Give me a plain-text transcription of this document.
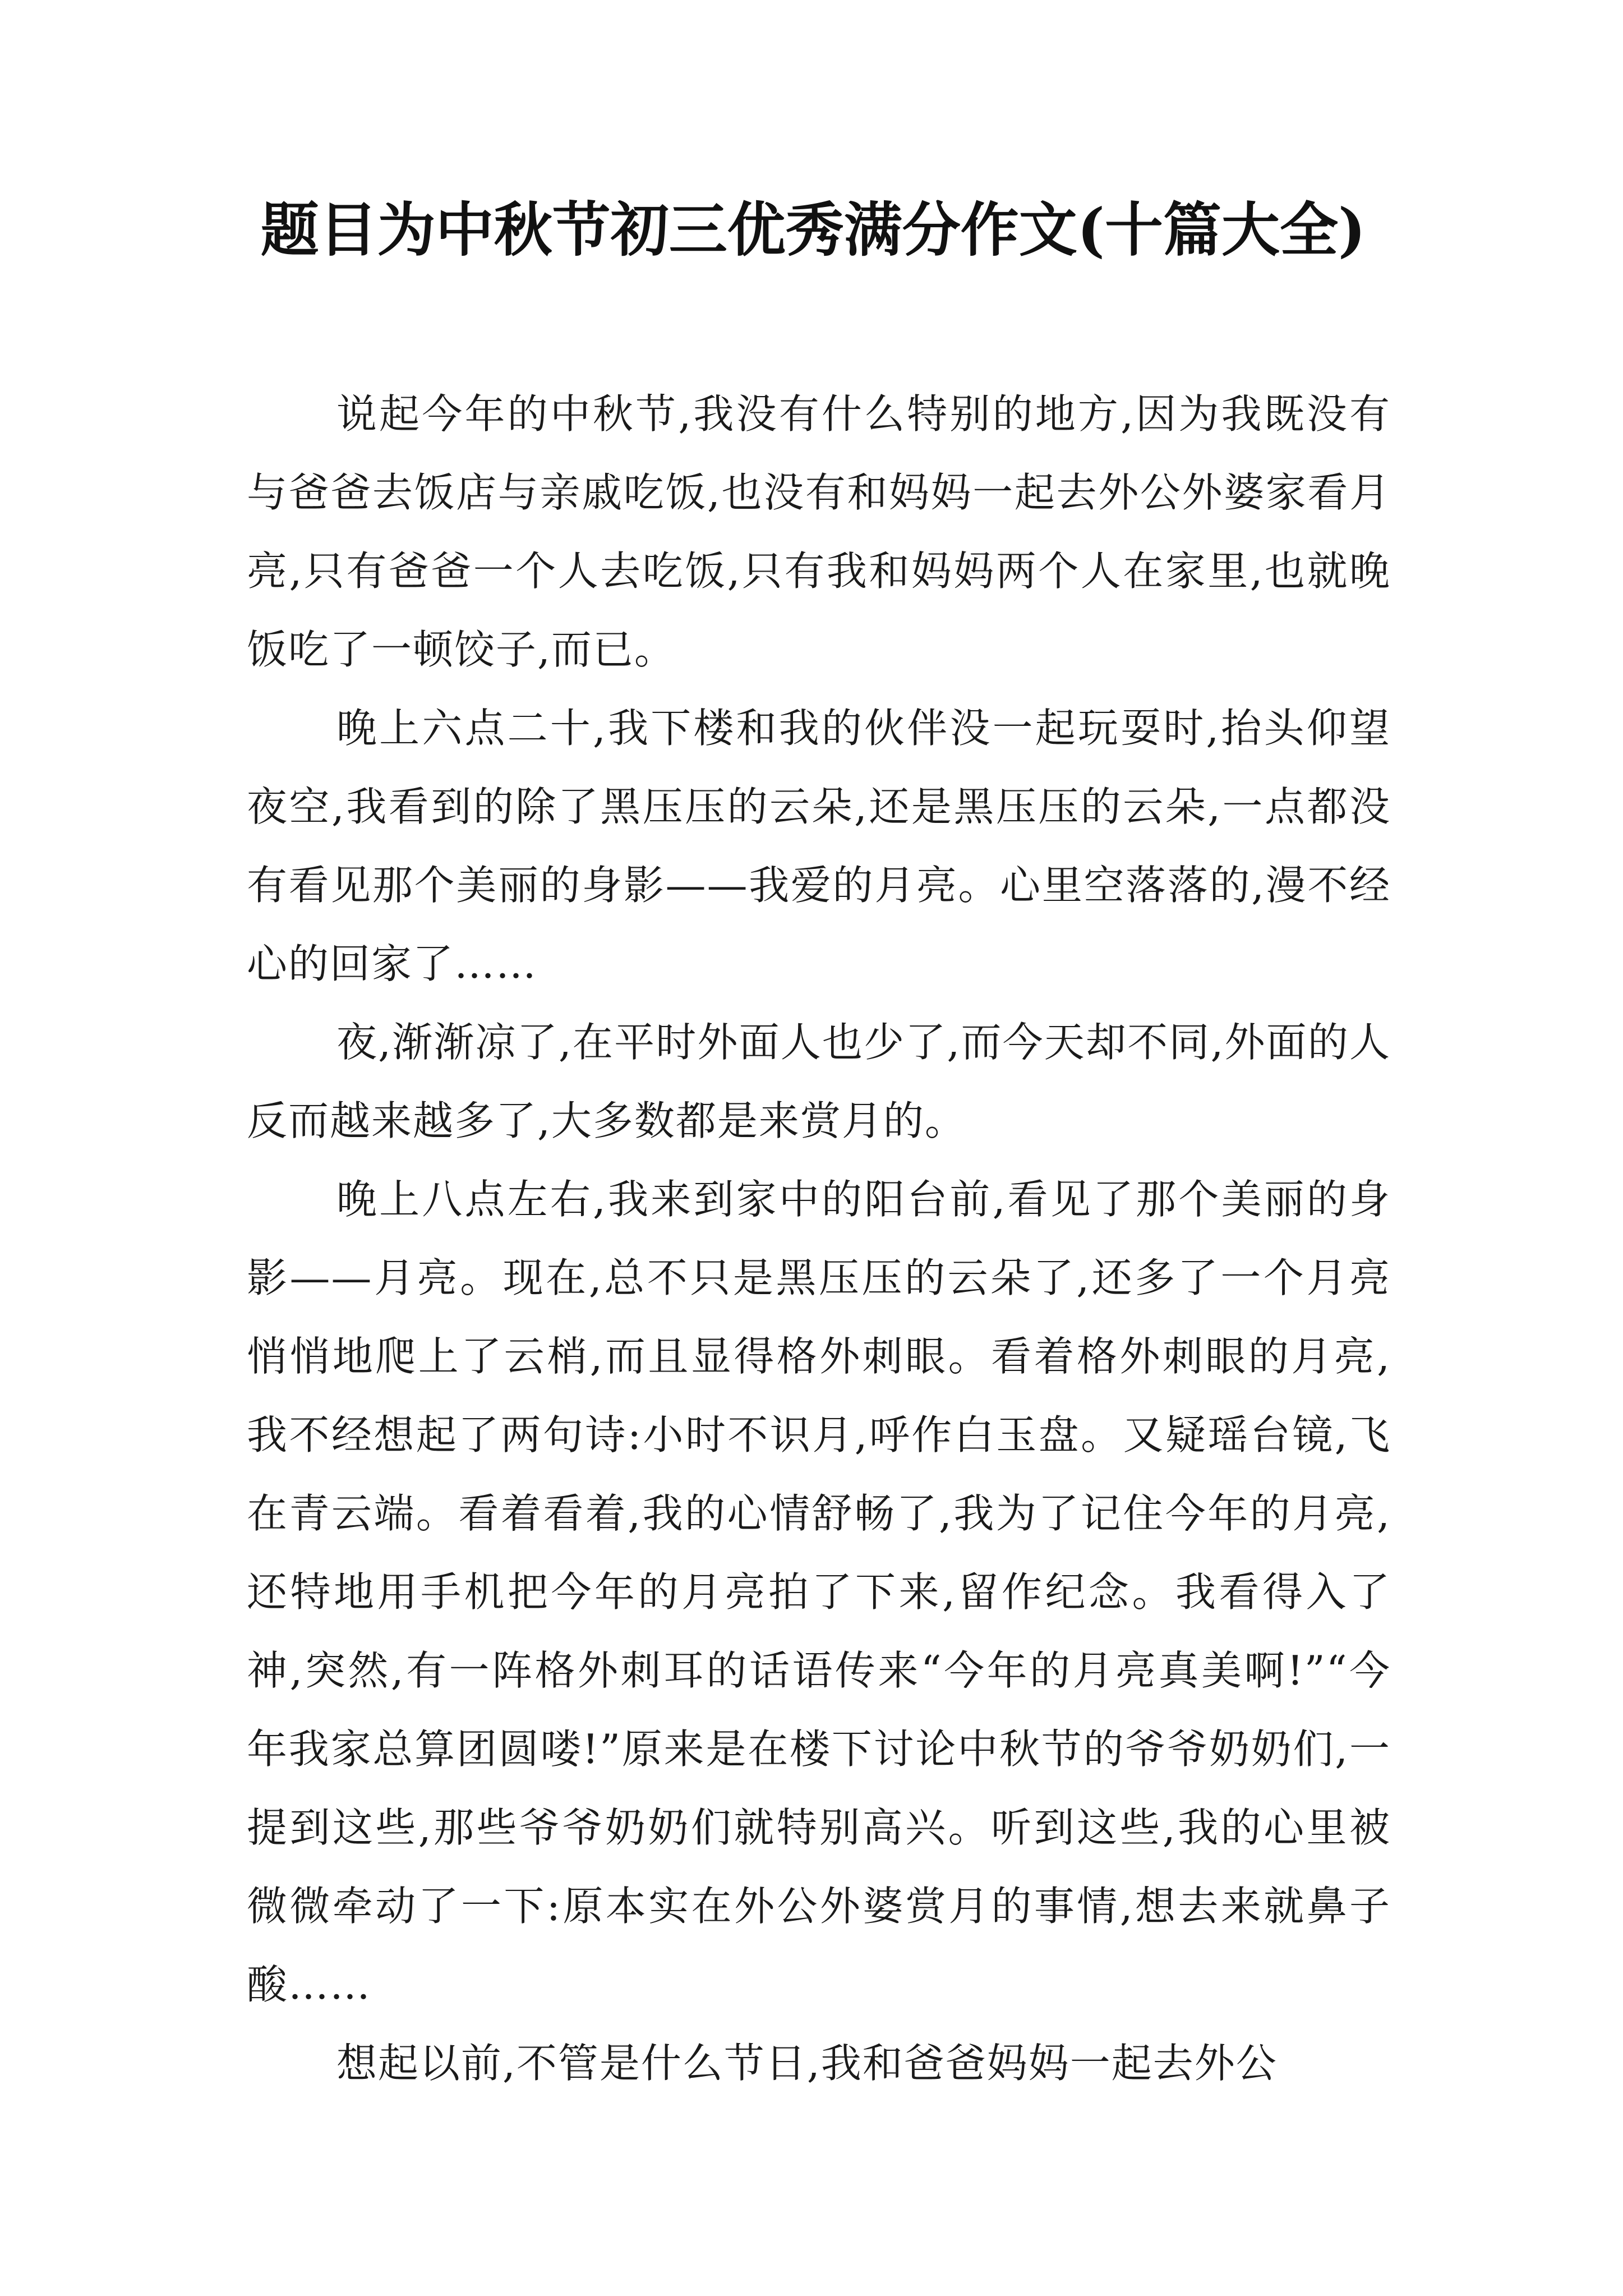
题目为中秋节初三优秀满分作文(十篇大全)

说起今年的中秋节,我没有什么特别的地方,因为我既没有与爸爸去饭店与亲戚吃饭,也没有和妈妈一起去外公外婆家看月亮,只有爸爸一个人去吃饭,只有我和妈妈两个人在家里,也就晚饭吃了一顿饺子,而已。

晚上六点二十,我下楼和我的伙伴没一起玩耍时,抬头仰望夜空,我看到的除了黑压压的云朵,还是黑压压的云朵,一点都没有看见那个美丽的身影——我爱的月亮。心里空落落的,漫不经心的回家了……

夜,渐渐凉了,在平时外面人也少了,而今天却不同,外面的人反而越来越多了,大多数都是来赏月的。

晚上八点左右,我来到家中的阳台前,看见了那个美丽的身影——月亮。现在,总不只是黑压压的云朵了,还多了一个月亮悄悄地爬上了云梢,而且显得格外刺眼。看着格外刺眼的月亮,我不经想起了两句诗:小时不识月,呼作白玉盘。又疑瑶台镜,飞在青云端。看着看着,我的心情舒畅了,我为了记住今年的月亮,还特地用手机把今年的月亮拍了下来,留作纪念。我看得入了神,突然,有一阵格外刺耳的话语传来“今年的月亮真美啊!”“今年我家总算团圆喽!”原来是在楼下讨论中秋节的爷爷奶奶们,一提到这些,那些爷爷奶奶们就特别高兴。听到这些,我的心里被微微牵动了一下:原本实在外公外婆赏月的事情,想去来就鼻子酸……

想起以前,不管是什么节日,我和爸爸妈妈一起去外公
